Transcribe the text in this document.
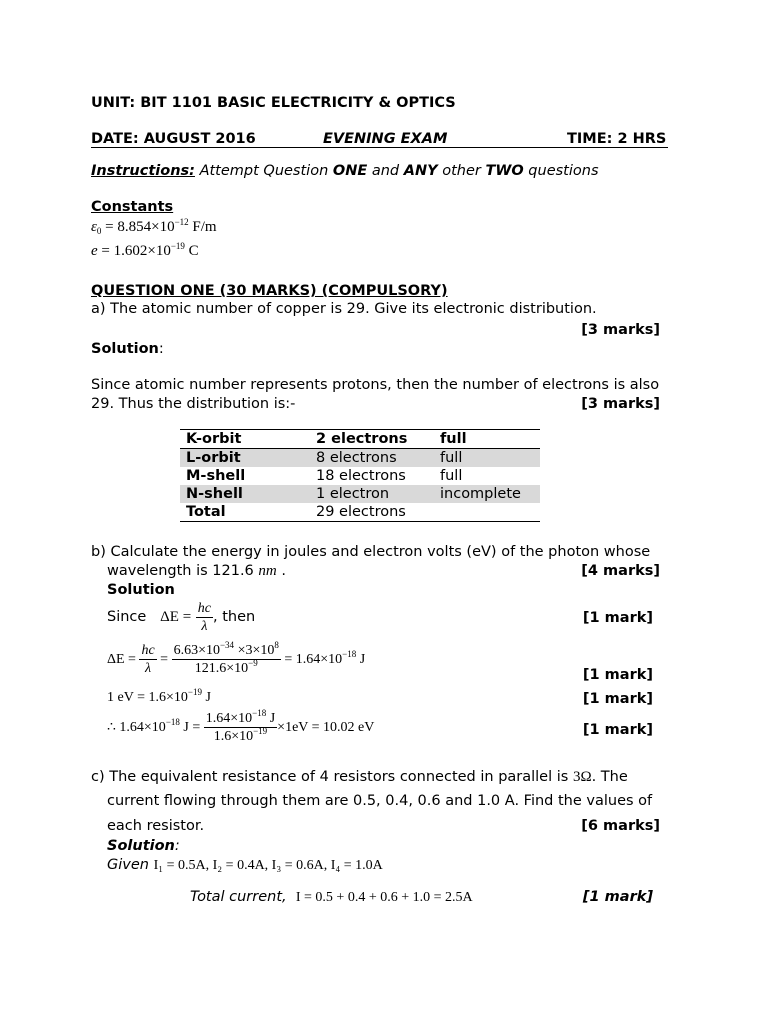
UNIT: BIT 1101 BASIC ELECTRICITY & OPTICS
DATE: AUGUST 2016	EVENING EXAM	TIME: 2 HRS
Instructions: Attempt Question ONE and ANY other TWO questions
Constants
$\varepsilon_0 = 8.854\times 10^{-12}$ F/m
$e = 1.602\times 10^{-19}$ C
QUESTION ONE (30 MARKS) (COMPULSORY)
a) The atomic number of copper is 29. Give its electronic distribution.
[3 marks]
Solution:
Since atomic number represents protons, then the number of electrons is also
29. Thus the distribution is:-	[3 marks]
K-orbit	2 electrons	full
L-orbit	8 electrons	full
M-shell	18 electrons	full
N-shell	1 electron	incomplete
Total	29 electrons	
b) Calculate the energy in joules and electron volts (eV) of the photon whose
wavelength is 121.6 nm .	[4 marks]
Solution
Since $\Delta E = \frac{hc}{\lambda}$ , then	[1 mark]
$\Delta E = \frac{hc}{\lambda} = \frac{6.63\times 10^{-34} \times 3\times 10^8}{121.6\times 10^{-9}} = 1.64\times 10^{-18}$ J
[1 mark]
1 eV = $1.6\times 10^{-19}$ J	[1 mark]
∴ $1.64\times 10^{-18}$ $J = \frac{1.64\times 10^{-18} J}{1.6\times 10^{-19}} \times 1eV = 10.02$ eV	[1 mark]
c) The equivalent resistance of 4 resistors connected in parallel is 3Ω. The
current flowing through them are 0.5, 0.4, 0.6 and 1.0 A. Find the values of
each resistor.	[6 marks]
Solution:
Given I₁ = 0.5A, I₂ = 0.4A, I₃ = 0.6A, I₄ = 1.0A
Total current, I = 0.5 + 0.4 + 0.6 + 1.0 = 2.5A	[1 mark]
